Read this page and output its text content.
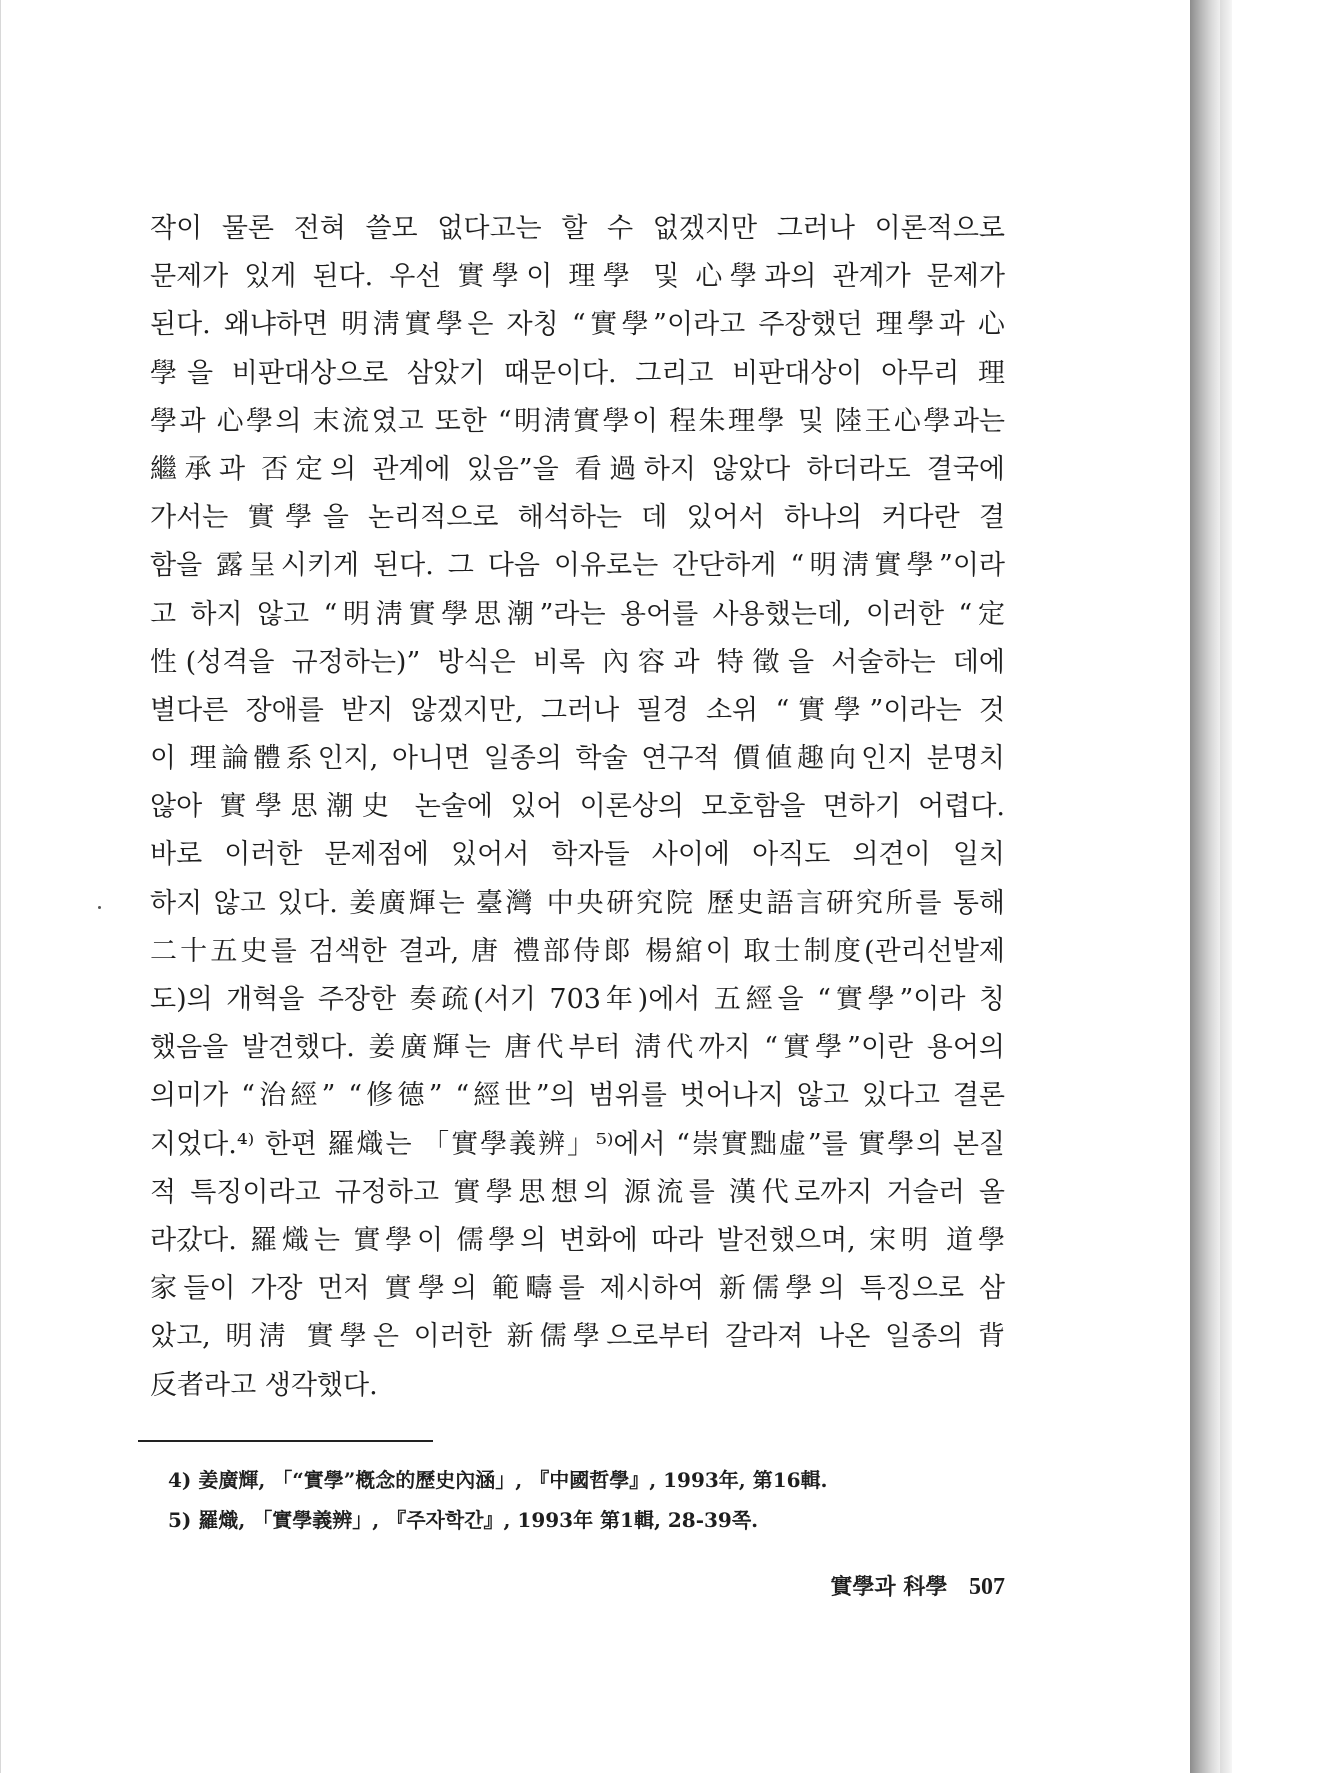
작이 물론 전혀 쓸모 없다고는 할 수 없겠지만 그러나 이론적으로
문제가 있게 된다. 우선 實學이 理學 및 心學과의 관계가 문제가
된다. 왜냐하면 明淸實學은 자칭 “實學”이라고 주장했던 理學과 心
學을 비판대상으로 삼았기 때문이다. 그리고 비판대상이 아무리 理
學과 心學의 末流였고 또한 “明淸實學이 程朱理學 및 陸王心學과는
繼承과 否定의 관계에 있음”을 看過하지 않았다 하더라도 결국에
가서는 實學을 논리적으로 해석하는 데 있어서 하나의 커다란 결
함을 露呈시키게 된다. 그 다음 이유로는 간단하게 “明淸實學”이라
고 하지 않고 “明淸實學思潮”라는 용어를 사용했는데, 이러한 “定
性(성격을 규정하는)” 방식은 비록 內容과 特徵을 서술하는 데에
별다른 장애를 받지 않겠지만, 그러나 필경 소위 “實學”이라는 것
이 理論體系인지, 아니면 일종의 학술 연구적 價値趣向인지 분명치
않아 實學思潮史 논술에 있어 이론상의 모호함을 면하기 어렵다.
바로 이러한 문제점에 있어서 학자들 사이에 아직도 의견이 일치
하지 않고 있다. 姜廣輝는 臺灣 中央硏究院 歷史語言硏究所를 통해
二十五史를 검색한 결과, 唐 禮部侍郞 楊綰이 取士制度(관리선발제
도)의 개혁을 주장한 奏疏(서기 703年)에서 五經을 “實學”이라 칭
했음을 발견했다. 姜廣輝는 唐代부터 淸代까지 “實學”이란 용어의
의미가 “治經” “修德” “經世”의 범위를 벗어나지 않고 있다고 결론
지었다.⁴⁾ 한편 羅熾는 「實學義辨」⁵⁾에서 “崇實黜虛”를 實學의 본질
적 특징이라고 규정하고 實學思想의 源流를 漢代로까지 거슬러 올
라갔다. 羅熾는 實學이 儒學의 변화에 따라 발전했으며, 宋明 道學
家들이 가장 먼저 實學의 範疇를 제시하여 新儒學의 특징으로 삼
았고, 明淸 實學은 이러한 新儒學으로부터 갈라져 나온 일종의 背
反者라고 생각했다.
4) 姜廣輝, 「“實學”槪念的歷史內涵」, 『中國哲學』, 1993年, 第16輯.
5) 羅熾, 「實學義辨」, 『주자학간』, 1993年 第1輯, 28-39쪽.
實學과 科學 507
